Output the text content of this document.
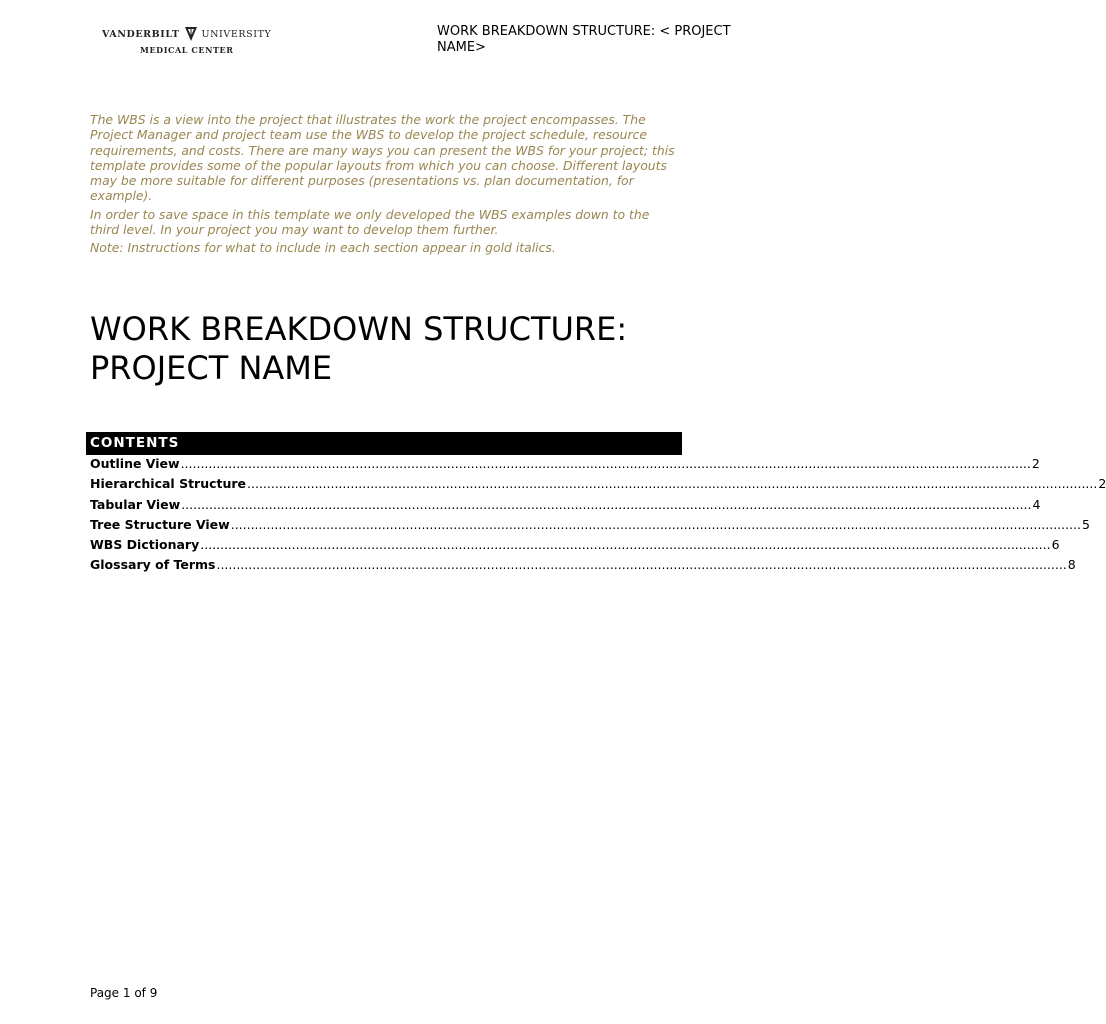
VANDERBILT UNIVERSITY
MEDICAL CENTER
WORK BREAKDOWN STRUCTURE: < PROJECT NAME>

The WBS is a view into the project that illustrates the work the project encompasses. The Project Manager and project team use the WBS to develop the project schedule, resource requirements, and costs. There are many ways you can present the WBS for your project; this template provides some of the popular layouts from which you can choose. Different layouts may be more suitable for different purposes (presentations vs. plan documentation, for example).

In order to save space in this template we only developed the WBS examples down to the third level. In your project you may want to develop them further.

Note: Instructions for what to include in each section appear in gold italics.

WORK BREAKDOWN STRUCTURE:
PROJECT NAME
CONTENTS
Outline View .....	2
Hierarchical Structure .....	2
Tabular View .....	4
Tree Structure View .....	5
WBS Dictionary .....	6
Glossary of Terms .....	8
Page 1 of 9
